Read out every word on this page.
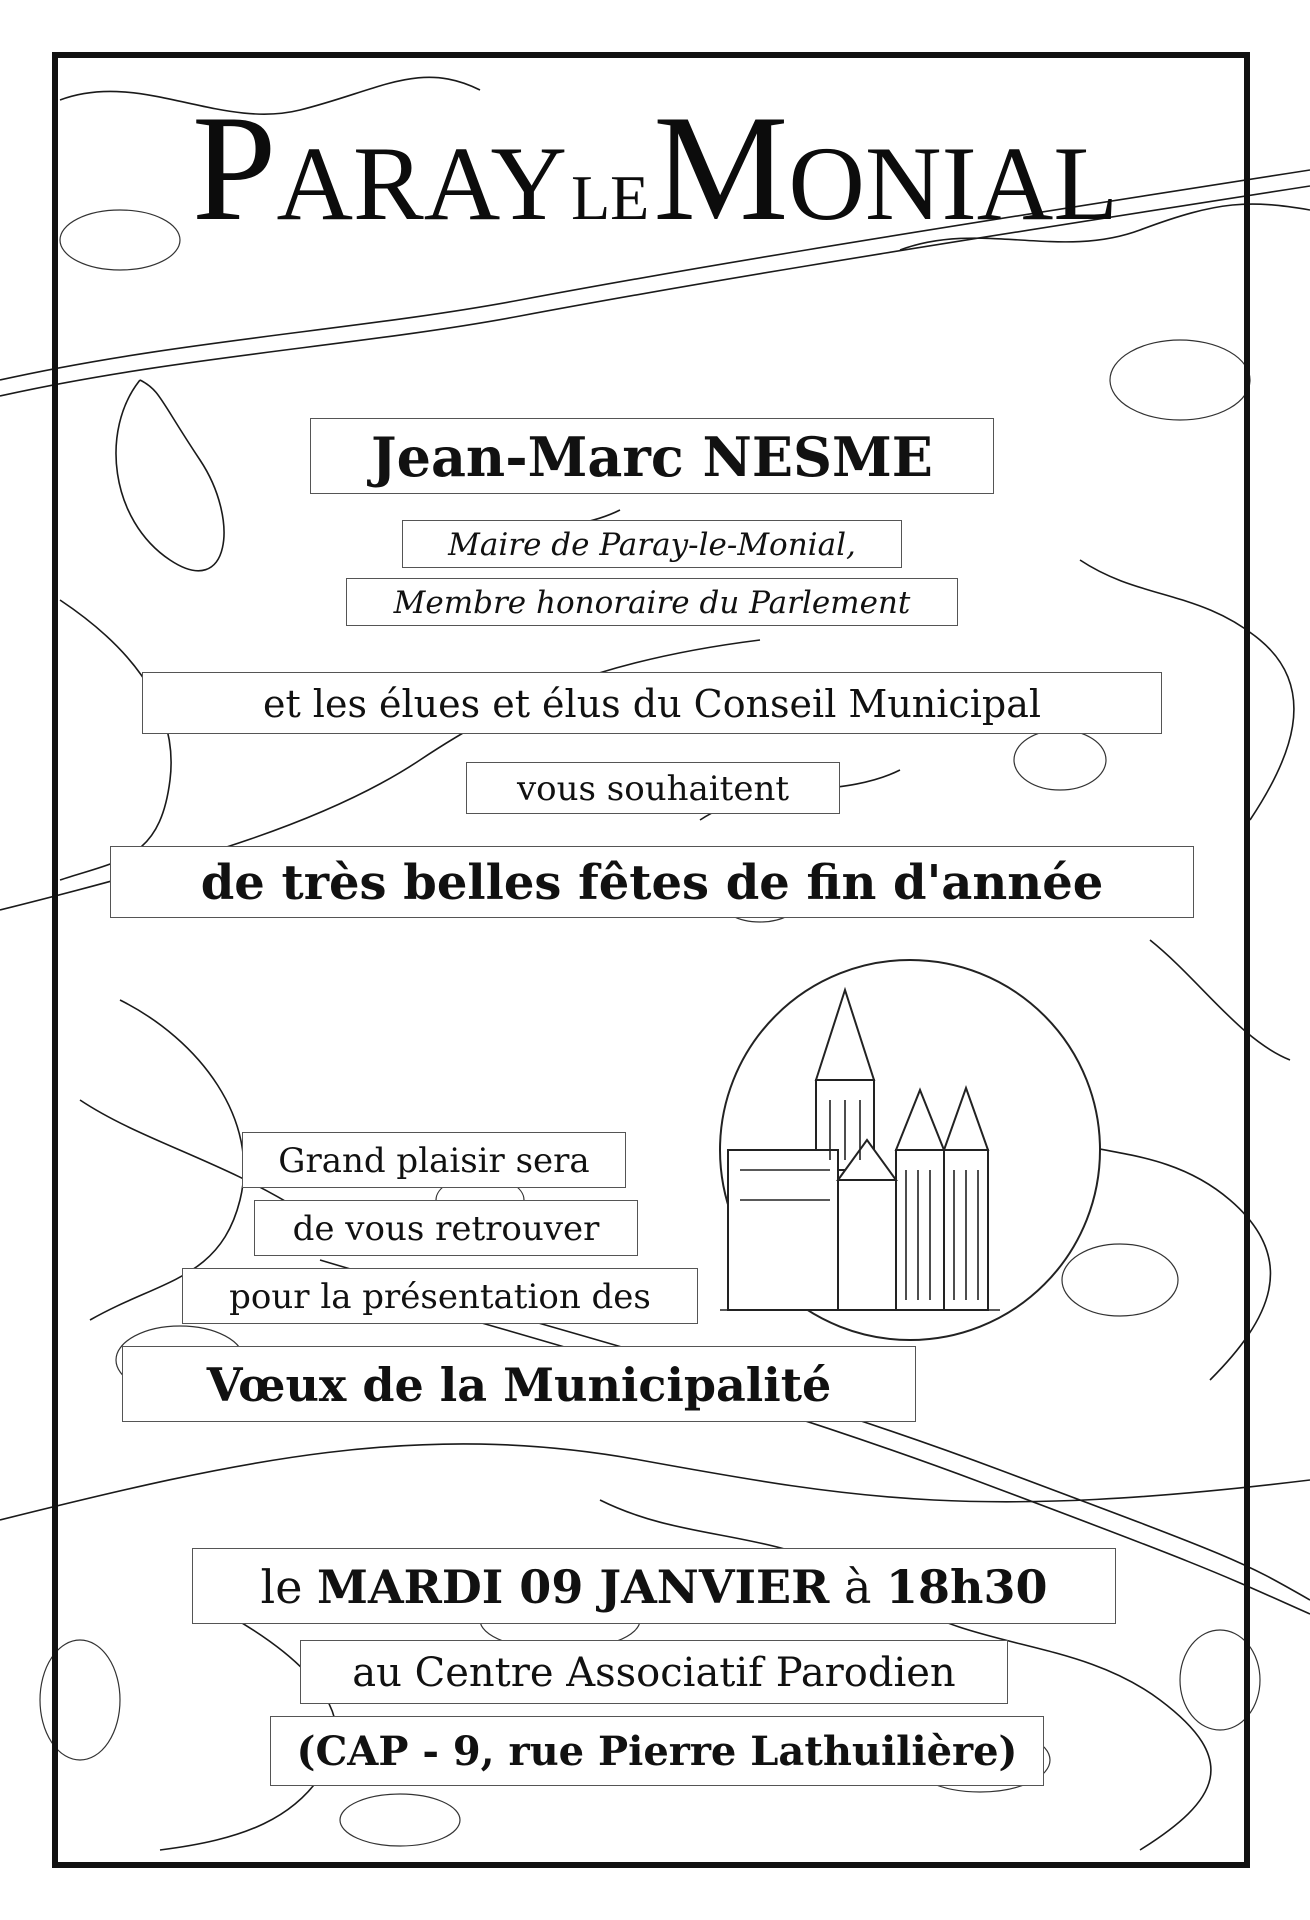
PARAY LE MONIAL
Jean-Marc NESME
Maire de Paray-le-Monial,
Membre honoraire du Parlement
et les élues et élus du Conseil Municipal
vous souhaitent
de très belles fêtes de fin d'année
Grand plaisir sera
de vous retrouver
pour la présentation des
Vœux de la Municipalité
le MARDI 09 JANVIER à 18h30
au Centre Associatif Parodien
(CAP - 9, rue Pierre Lathuilière)
